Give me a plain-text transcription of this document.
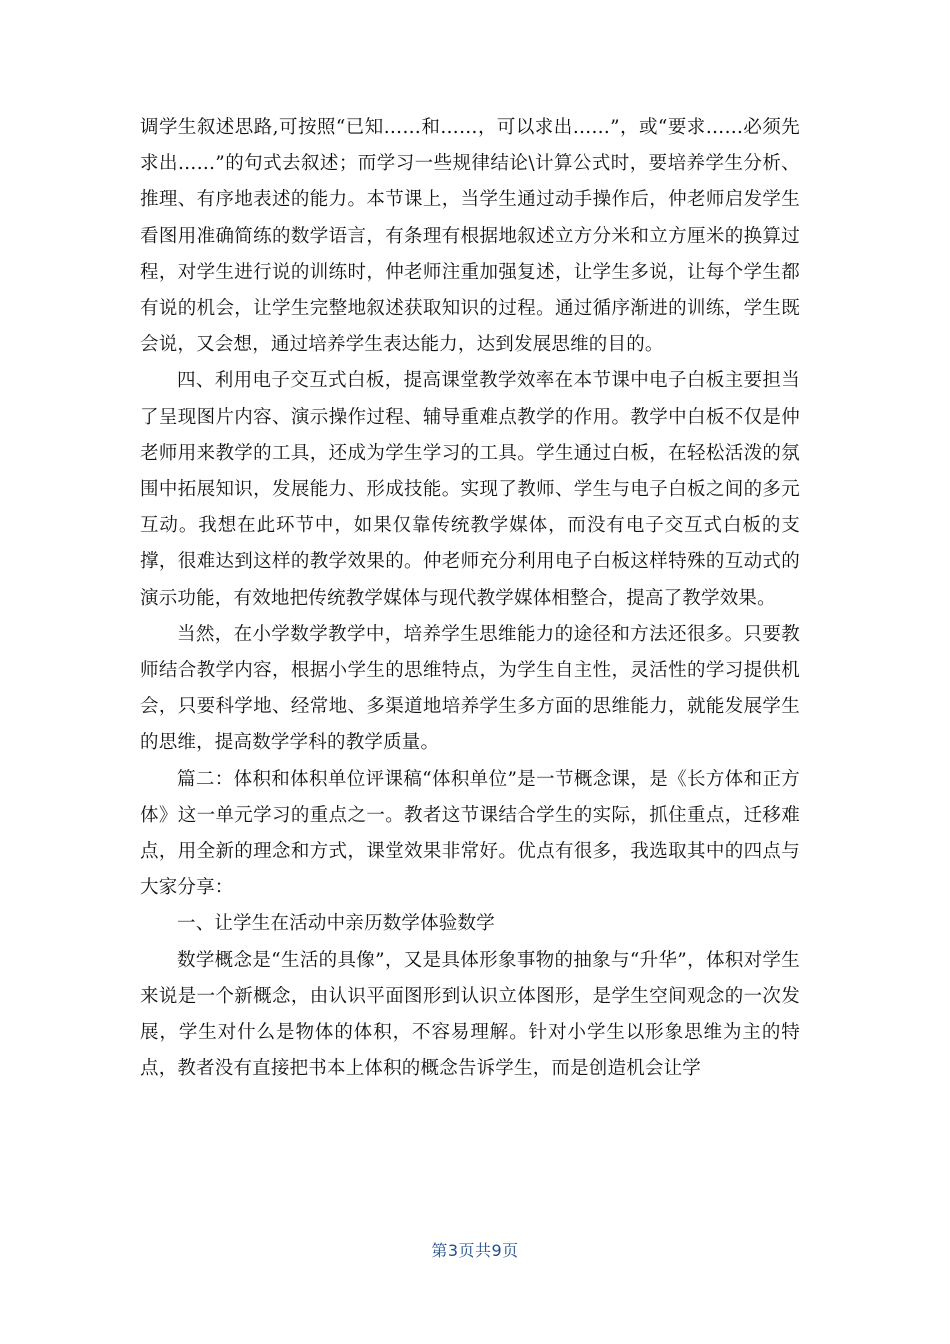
调学生叙述思路,可按照“已知……和……，可以求出……”，或“要求……必须先求出……”的句式去叙述；而学习一些规律结论\计算公式时，要培养学生分析、推理、有序地表述的能力。本节课上，当学生通过动手操作后，仲老师启发学生看图用准确简练的数学语言，有条理有根据地叙述立方分米和立方厘米的换算过程，对学生进行说的训练时，仲老师注重加强复述，让学生多说，让每个学生都有说的机会，让学生完整地叙述获取知识的过程。通过循序渐进的训练，学生既会说，又会想，通过培养学生表达能力，达到发展思维的目的。

四、利用电子交互式白板，提高课堂教学效率在本节课中电子白板主要担当了呈现图片内容、演示操作过程、辅导重难点教学的作用。教学中白板不仅是仲老师用来教学的工具，还成为学生学习的工具。学生通过白板，在轻松活泼的氛围中拓展知识，发展能力、形成技能。实现了教师、学生与电子白板之间的多元互动。我想在此环节中，如果仅靠传统教学媒体，而没有电子交互式白板的支撑，很难达到这样的教学效果的。仲老师充分利用电子白板这样特殊的互动式的演示功能，有效地把传统教学媒体与现代教学媒体相整合，提高了教学效果。

当然，在小学数学教学中，培养学生思维能力的途径和方法还很多。只要教师结合教学内容，根据小学生的思维特点，为学生自主性，灵活性的学习提供机会，只要科学地、经常地、多渠道地培养学生多方面的思维能力，就能发展学生的思维，提高数学学科的教学质量。

篇二：体积和体积单位评课稿“体积单位”是一节概念课，是《长方体和正方体》这一单元学习的重点之一。教者这节课结合学生的实际，抓住重点，迁移难点，用全新的理念和方式，课堂效果非常好。优点有很多，我选取其中的四点与大家分享：

一、让学生在活动中亲历数学体验数学

数学概念是“生活的具像”，又是具体形象事物的抽象与“升华”，体积对学生来说是一个新概念，由认识平面图形到认识立体图形，是学生空间观念的一次发展，学生对什么是物体的体积，不容易理解。针对小学生以形象思维为主的特点，教者没有直接把书本上体积的概念告诉学生，而是创造机会让学

第3页共9页
